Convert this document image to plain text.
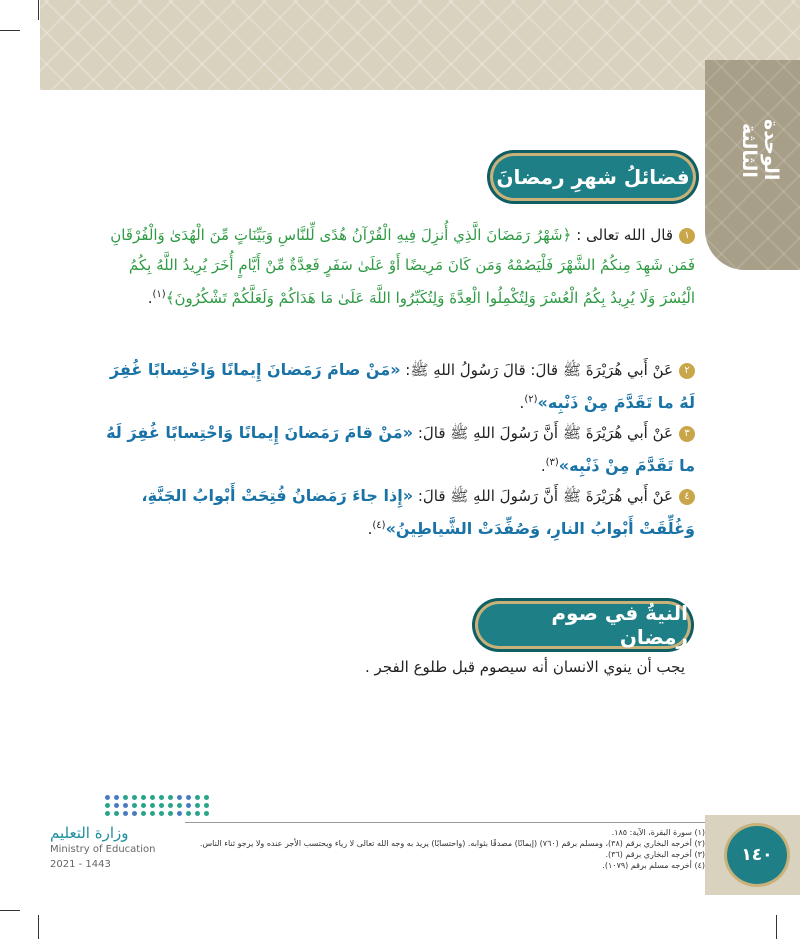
الوحدة الثالثة
فضائلُ شهرِ رمضانَ
١قال الله تعالى : ﴿شَهْرُ رَمَضَانَ الَّذِي أُنزِلَ فِيهِ الْقُرْآنُ هُدًى لِّلنَّاسِ وَبَيِّنَاتٍ مِّنَ الْهُدَىٰ وَالْفُرْقَانِ فَمَن شَهِدَ مِنكُمُ الشَّهْرَ فَلْيَصُمْهُ وَمَن كَانَ مَرِيضًا أَوْ عَلَىٰ سَفَرٍ فَعِدَّةٌ مِّنْ أَيَّامٍ أُخَرَ يُرِيدُ اللَّهُ بِكُمُ الْيُسْرَ وَلَا يُرِيدُ بِكُمُ الْعُسْرَ وَلِتُكْمِلُوا الْعِدَّةَ وَلِتُكَبِّرُوا اللَّهَ عَلَىٰ مَا هَدَاكُمْ وَلَعَلَّكُمْ تَشْكُرُونَ﴾$^{(١)}$.
٢عَنْ أَبي هُرَيْرَةَ ﷺ قالَ: قالَ رَسُولُ اللهِ ﷺ: «مَنْ صامَ رَمَضانَ إِيمانًا وَاحْتِسابًا غُفِرَ لَهُ ما تَقَدَّمَ مِنْ ذَنْبِه»$^{(٢)}$.
٣عَنْ أَبي هُرَيْرَةَ ﷺ أَنَّ رَسُولَ اللهِ ﷺ قالَ: «مَنْ قامَ رَمَضانَ إِيمانًا وَاحْتِسابًا غُفِرَ لَهُ ما تَقَدَّمَ مِنْ ذَنْبِه»$^{(٣)}$.
٤عَنْ أَبي هُرَيْرَةَ ﷺ أَنَّ رَسُولَ اللهِ ﷺ قالَ: «إِذا جاءَ رَمَضانُ فُتِحَتْ أَبْوابُ الجَنَّةِ، وَغُلِّقَتْ أَبْوابُ النارِ، وَصُفِّدَتْ الشَّياطِينُ»$^{(٤)}$.
النيةُ في صوم رمضان
يجب أن ينوي الانسان أنه سيصوم قبل طلوع الفجر .
وزارة التعليم
Ministry of Education
2021 - 1443
(١) سورة البقرة، الآية: ١٨٥.
(٢) أخرجه البخاري برقم (٣٨)، ومسلم برقم (٧٦٠) (إيمانًا) مصدقًا بثوابه. (واحتسابًا) يريد به وجه الله تعالى لا رياء ويحتسب الأجر عنده ولا يرجو ثناء الناس.
(٣) أخرجه البخاري برقم (٣٦).
(٤) أخرجه مسلم برقم (١٠٧٩).
١٤٠
